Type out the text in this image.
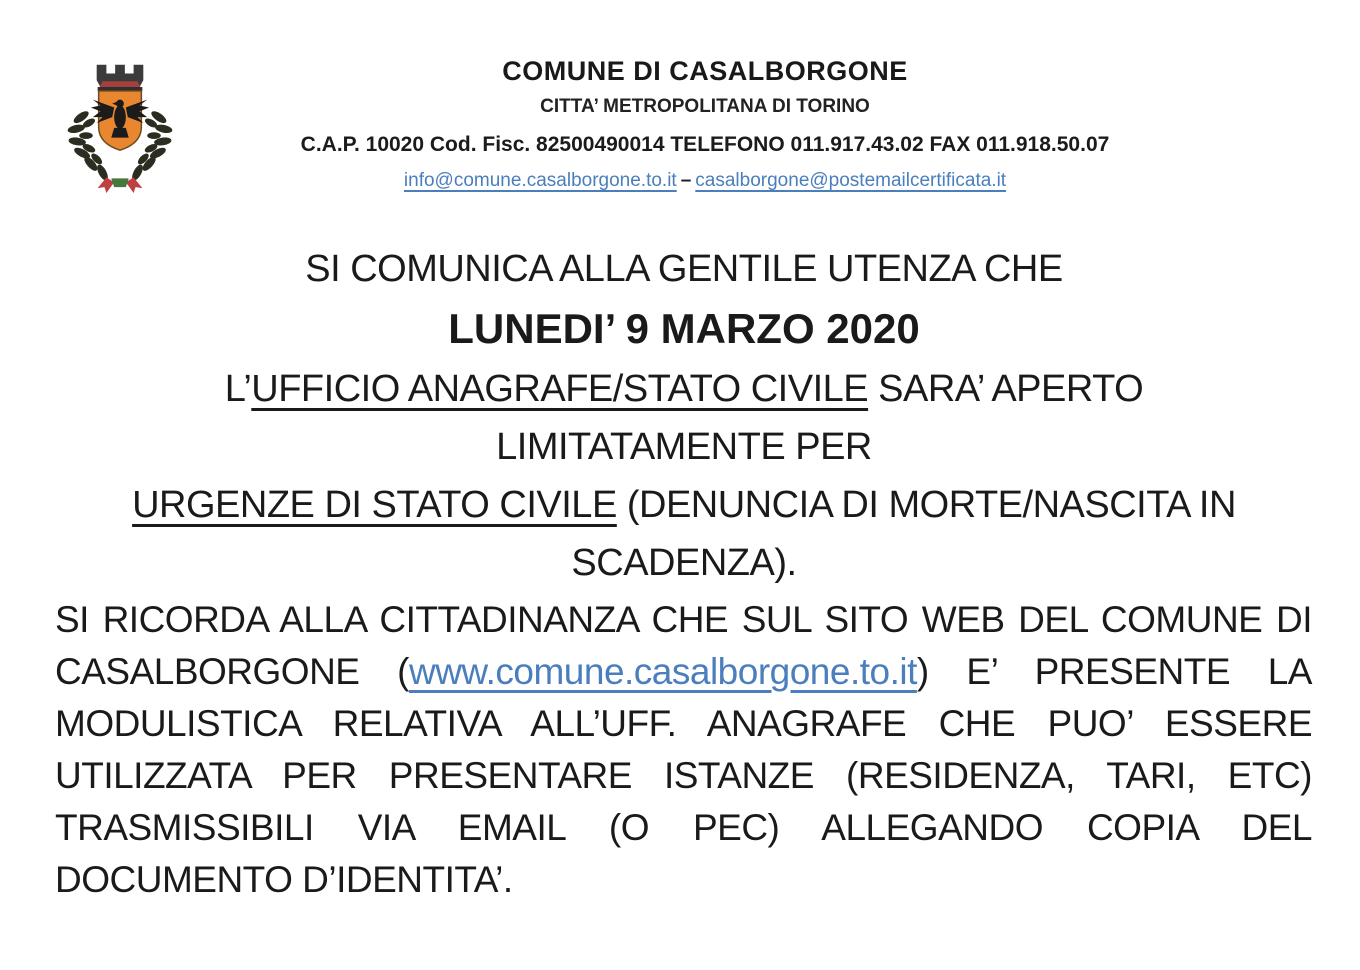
COMUNE DI CASALBORGONE
CITTA’ METROPOLITANA DI TORINO
C.A.P. 10020 Cod. Fisc. 82500490014 TELEFONO 011.917.43.02 FAX 011.918.50.07
info@comune.casalborgone.to.it – casalborgone@postemailcertificata.it
SI COMUNICA ALLA GENTILE UTENZA CHE
LUNEDI’ 9 MARZO 2020
L’UFFICIO ANAGRAFE/STATO CIVILE SARA’ APERTO
LIMITATAMENTE PER
URGENZE DI STATO CIVILE (DENUNCIA DI MORTE/NASCITA IN
SCADENZA).
SI RICORDA ALLA CITTADINANZA CHE SUL SITO WEB DEL COMUNE DI CASALBORGONE (www.comune.casalborgone.to.it) E’ PRESENTE LA MODULISTICA RELATIVA ALL’UFF. ANAGRAFE CHE PUO’ ESSERE UTILIZZATA PER PRESENTARE ISTANZE (RESIDENZA, TARI, ETC) TRASMISSIBILI VIA EMAIL (O PEC) ALLEGANDO COPIA DEL DOCUMENTO D’IDENTITA’.
